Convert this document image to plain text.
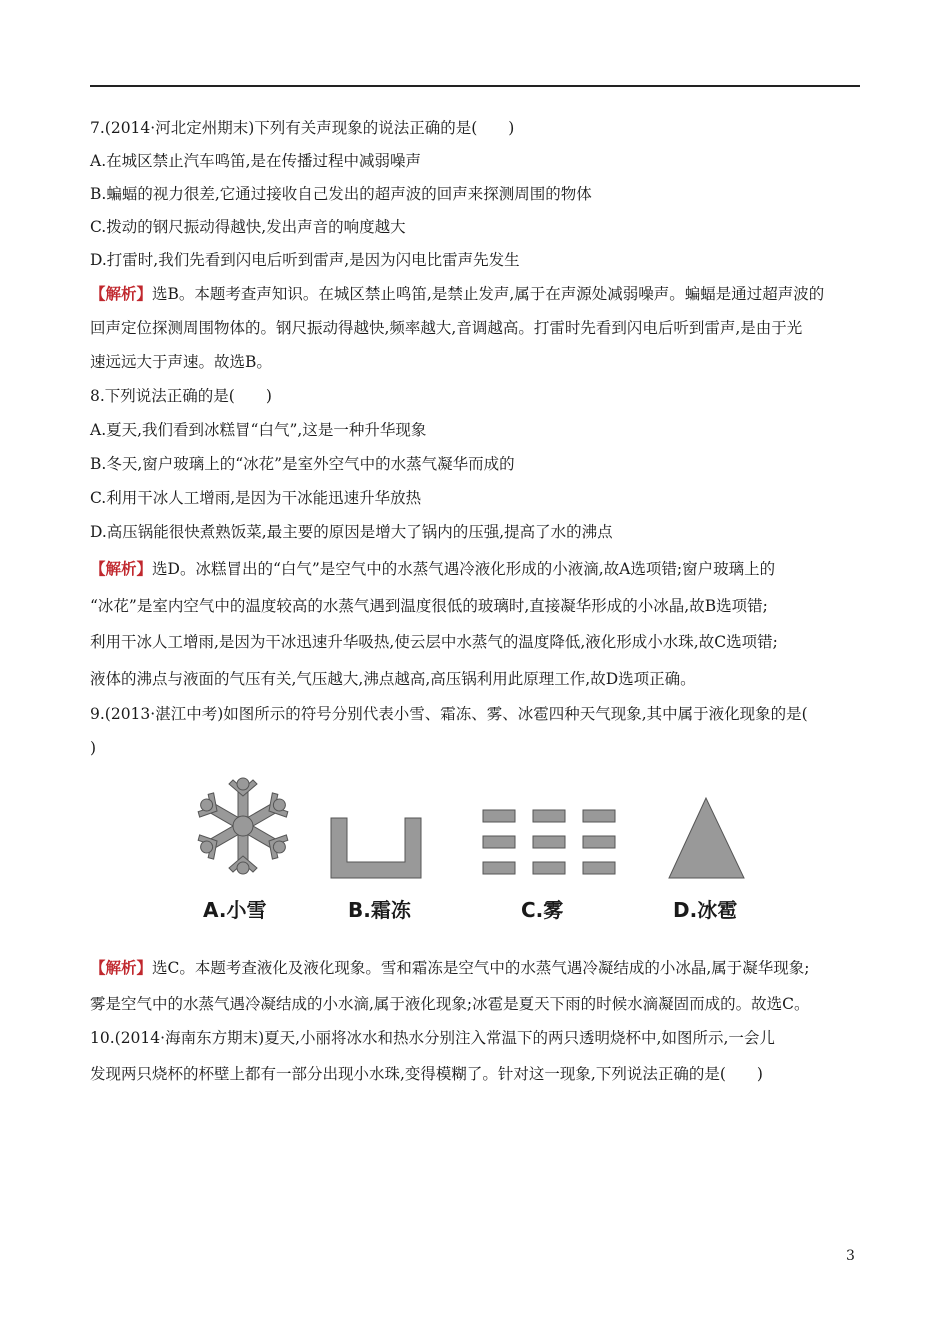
7.(2014·河北定州期末)下列有关声现象的说法正确的是(　　)
A.在城区禁止汽车鸣笛,是在传播过程中减弱噪声
B.蝙蝠的视力很差,它通过接收自己发出的超声波的回声来探测周围的物体
C.拨动的钢尺振动得越快,发出声音的响度越大
D.打雷时,我们先看到闪电后听到雷声,是因为闪电比雷声先发生
【解析】选B。本题考查声知识。在城区禁止鸣笛,是禁止发声,属于在声源处减弱噪声。蝙蝠是通过超声波的
回声定位探测周围物体的。钢尺振动得越快,频率越大,音调越高。打雷时先看到闪电后听到雷声,是由于光
速远远大于声速。故选B。
8.下列说法正确的是(　　)
A.夏天,我们看到冰糕冒“白气”,这是一种升华现象
B.冬天,窗户玻璃上的“冰花”是室外空气中的水蒸气凝华而成的
C.利用干冰人工增雨,是因为干冰能迅速升华放热
D.高压锅能很快煮熟饭菜,最主要的原因是增大了锅内的压强,提高了水的沸点
【解析】选D。冰糕冒出的“白气”是空气中的水蒸气遇冷液化形成的小液滴,故A选项错;窗户玻璃上的
“冰花”是室内空气中的温度较高的水蒸气遇到温度很低的玻璃时,直接凝华形成的小冰晶,故B选项错;
利用干冰人工增雨,是因为干冰迅速升华吸热,使云层中水蒸气的温度降低,液化形成小水珠,故C选项错;
液体的沸点与液面的气压有关,气压越大,沸点越高,高压锅利用此原理工作,故D选项正确。
9.(2013·湛江中考)如图所示的符号分别代表小雪、霜冻、雾、冰雹四种天气现象,其中属于液化现象的是(
)
A.小雪	B.霜冻	C.雾	D.冰雹
【解析】选C。本题考查液化及液化现象。雪和霜冻是空气中的水蒸气遇冷凝结成的小冰晶,属于凝华现象;
雾是空气中的水蒸气遇冷凝结成的小水滴,属于液化现象;冰雹是夏天下雨的时候水滴凝固而成的。故选C。
10.(2014·海南东方期末)夏天,小丽将冰水和热水分别注入常温下的两只透明烧杯中,如图所示,一会儿
发现两只烧杯的杯壁上都有一部分出现小水珠,变得模糊了。针对这一现象,下列说法正确的是(　　)
3
